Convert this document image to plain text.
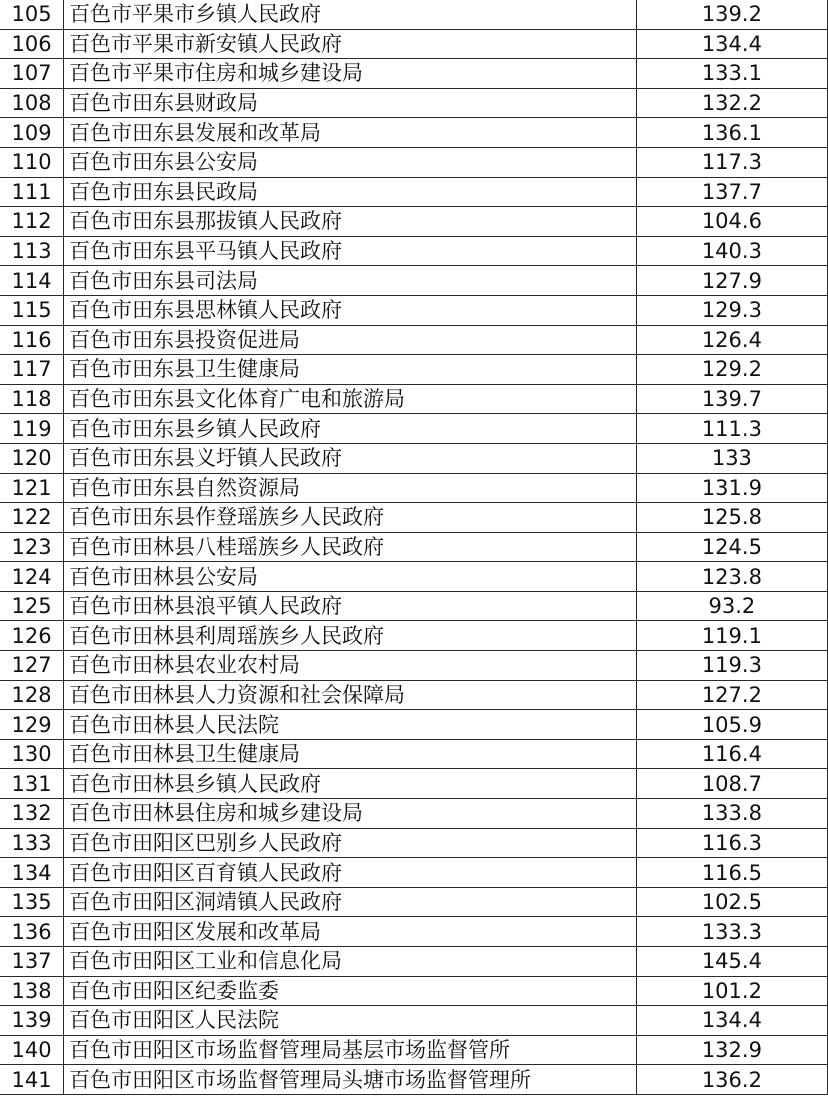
105	百色市平果市乡镇人民政府	139.2
106	百色市平果市新安镇人民政府	134.4
107	百色市平果市住房和城乡建设局	133.1
108	百色市田东县财政局	132.2
109	百色市田东县发展和改革局	136.1
110	百色市田东县公安局	117.3
111	百色市田东县民政局	137.7
112	百色市田东县那拔镇人民政府	104.6
113	百色市田东县平马镇人民政府	140.3
114	百色市田东县司法局	127.9
115	百色市田东县思林镇人民政府	129.3
116	百色市田东县投资促进局	126.4
117	百色市田东县卫生健康局	129.2
118	百色市田东县文化体育广电和旅游局	139.7
119	百色市田东县乡镇人民政府	111.3
120	百色市田东县义圩镇人民政府	133
121	百色市田东县自然资源局	131.9
122	百色市田东县作登瑶族乡人民政府	125.8
123	百色市田林县八桂瑶族乡人民政府	124.5
124	百色市田林县公安局	123.8
125	百色市田林县浪平镇人民政府	93.2
126	百色市田林县利周瑶族乡人民政府	119.1
127	百色市田林县农业农村局	119.3
128	百色市田林县人力资源和社会保障局	127.2
129	百色市田林县人民法院	105.9
130	百色市田林县卫生健康局	116.4
131	百色市田林县乡镇人民政府	108.7
132	百色市田林县住房和城乡建设局	133.8
133	百色市田阳区巴别乡人民政府	116.3
134	百色市田阳区百育镇人民政府	116.5
135	百色市田阳区洞靖镇人民政府	102.5
136	百色市田阳区发展和改革局	133.3
137	百色市田阳区工业和信息化局	145.4
138	百色市田阳区纪委监委	101.2
139	百色市田阳区人民法院	134.4
140	百色市田阳区市场监督管理局基层市场监督管所	132.9
141	百色市田阳区市场监督管理局头塘市场监督管理所	136.2
